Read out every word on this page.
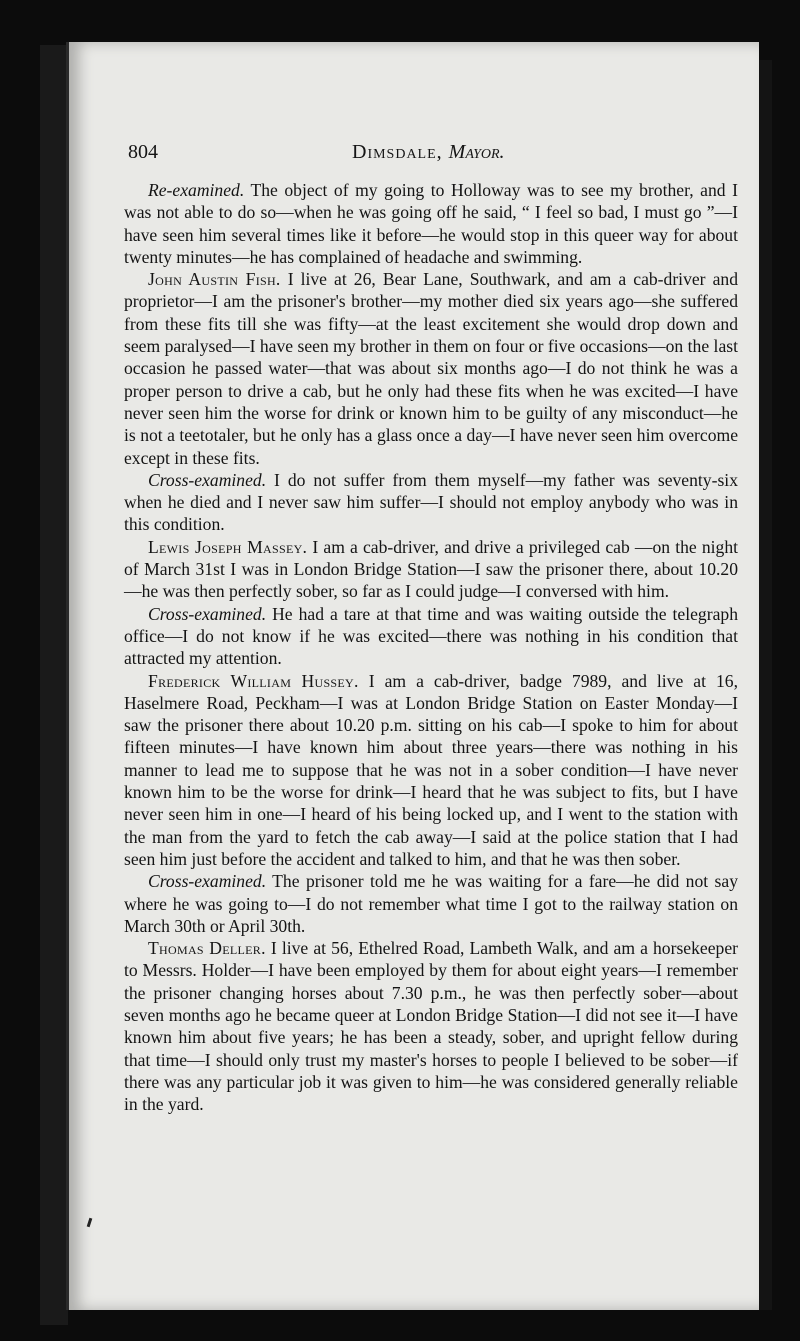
804	Dimsdale, Mayor.

Re-examined. The object of my going to Holloway was to see my brother, and I was not able to do so—when he was going off he said, “ I feel so bad, I must go ”—I have seen him several times like it before—he would stop in this queer way for about twenty minutes—he has complained of headache and swimming.

John Austin Fish. I live at 26, Bear Lane, Southwark, and am a cab-driver and proprietor—I am the prisoner's brother—my mother died six years ago—she suffered from these fits till she was fifty—at the least excitement she would drop down and seem paralysed—I have seen my brother in them on four or five occasions—on the last occasion he passed water—that was about six months ago—I do not think he was a proper person to drive a cab, but he only had these fits when he was excited—I have never seen him the worse for drink or known him to be guilty of any misconduct—he is not a teetotaler, but he only has a glass once a day—I have never seen him overcome except in these fits.

Cross-examined. I do not suffer from them myself—my father was seventy-six when he died and I never saw him suffer—I should not employ anybody who was in this condition.

Lewis Joseph Massey. I am a cab-driver, and drive a privileged cab —on the night of March 31st I was in London Bridge Station—I saw the prisoner there, about 10.20—he was then perfectly sober, so far as I could judge—I conversed with him.

Cross-examined. He had a tare at that time and was waiting outside the telegraph office—I do not know if he was excited—there was nothing in his condition that attracted my attention.

Frederick William Hussey. I am a cab-driver, badge 7989, and live at 16, Haselmere Road, Peckham—I was at London Bridge Station on Easter Monday—I saw the prisoner there about 10.20 p.m. sitting on his cab—I spoke to him for about fifteen minutes—I have known him about three years—there was nothing in his manner to lead me to suppose that he was not in a sober condition—I have never known him to be the worse for drink—I heard that he was subject to fits, but I have never seen him in one—I heard of his being locked up, and I went to the station with the man from the yard to fetch the cab away—I said at the police station that I had seen him just before the accident and talked to him, and that he was then sober.

Cross-examined. The prisoner told me he was waiting for a fare—he did not say where he was going to—I do not remember what time I got to the railway station on March 30th or April 30th.

Thomas Deller. I live at 56, Ethelred Road, Lambeth Walk, and am a horsekeeper to Messrs. Holder—I have been employed by them for about eight years—I remember the prisoner changing horses about 7.30 p.m., he was then perfectly sober—about seven months ago he became queer at London Bridge Station—I did not see it—I have known him about five years; he has been a steady, sober, and upright fellow during that time—I should only trust my master's horses to people I believed to be sober—if there was any particular job it was given to him—he was considered generally reliable in the yard.
